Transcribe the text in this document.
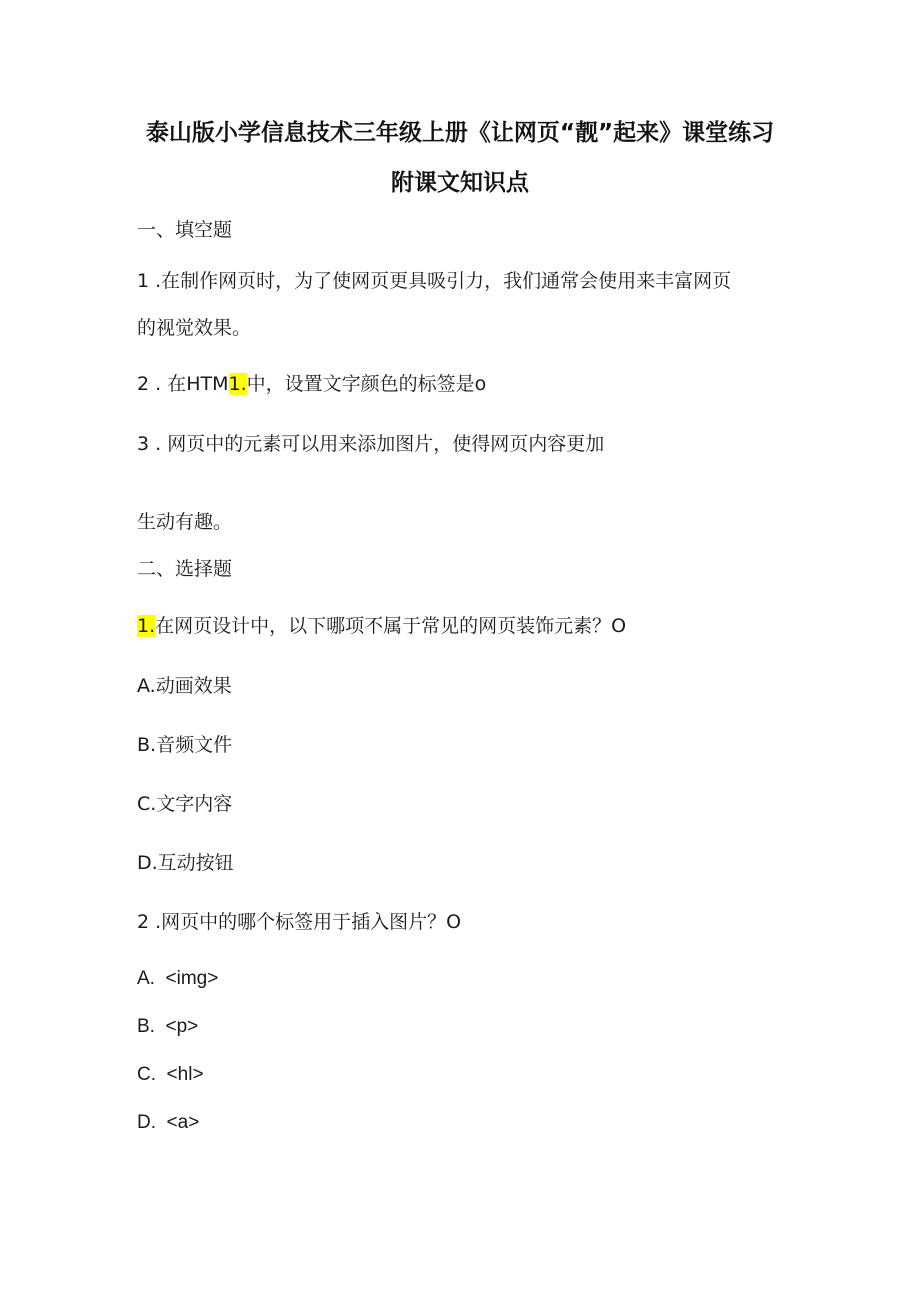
泰山版小学信息技术三年级上册《让网页“靓”起来》课堂练习
附课文知识点

一、填空题

1 .在制作网页时，为了使网页更具吸引力，我们通常会使用来丰富网页

的视觉效果。

2 . 在HTM1.中，设置文字颜色的标签是o

3 . 网页中的元素可以用来添加图片，使得网页内容更加

生动有趣。

二、选择题

1.在网页设计中，以下哪项不属于常见的网页装饰元素？O

A.动画效果

B.音频文件

C.文字内容

D.互动按钮

2 .网页中的哪个标签用于插入图片？O

A.  <img>

B.  <p>

C.  <hl>

D.  <a>
